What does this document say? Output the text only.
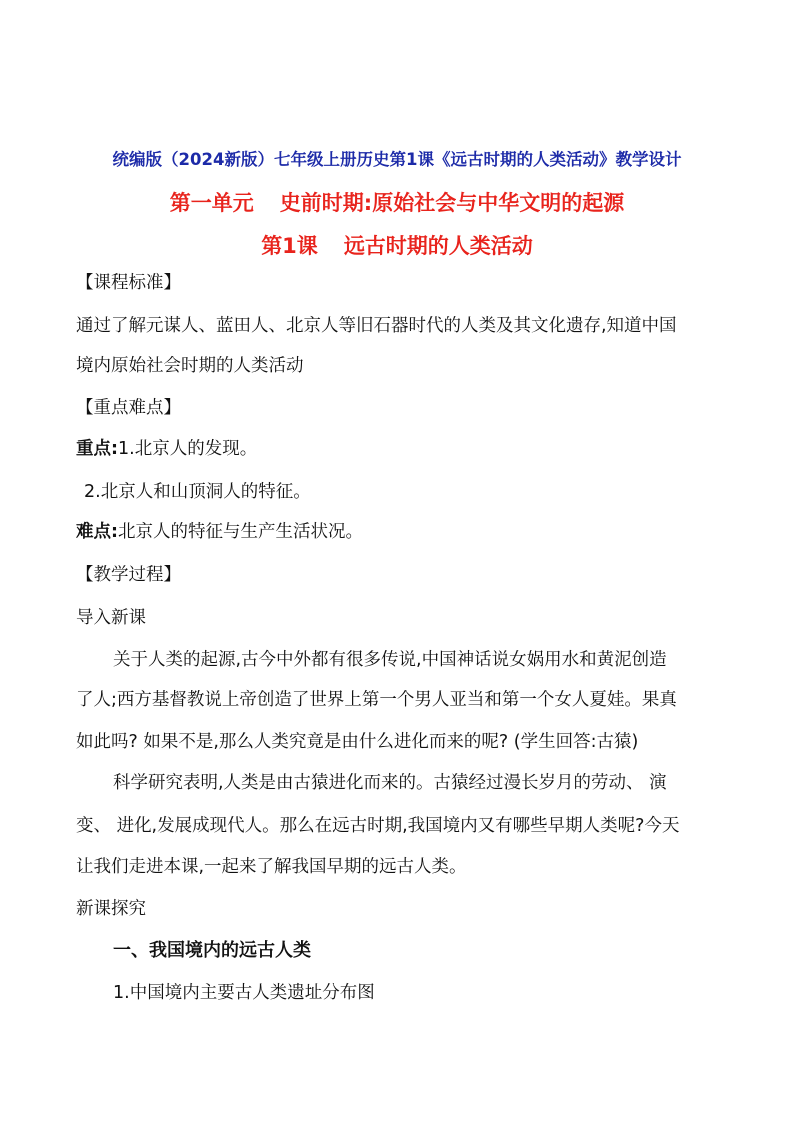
统编版（2024新版）七年级上册历史第1课《远古时期的人类活动》教学设计
第一单元 史前时期:原始社会与中华文明的起源
第1课 远古时期的人类活动
【课程标准】
通过了解元谋人、蓝田人、北京人等旧石器时代的人类及其文化遗存,知道中国
境内原始社会时期的人类活动
【重点难点】
重点:1.北京人的发现。
2.北京人和山顶洞人的特征。
难点:北京人的特征与生产生活状况。
【教学过程】
导入新课
关于人类的起源,古今中外都有很多传说,中国神话说女娲用水和黄泥创造
了人;西方基督教说上帝创造了世界上第一个男人亚当和第一个女人夏娃。果真
如此吗? 如果不是,那么人类究竟是由什么进化而来的呢? (学生回答:古猿)
科学研究表明,人类是由古猿进化而来的。古猿经过漫长岁月的劳动、 演
变、 进化,发展成现代人。那么在远古时期,我国境内又有哪些早期人类呢?今天
让我们走进本课,一起来了解我国早期的远古人类。
新课探究
一、我国境内的远古人类
1.中国境内主要古人类遗址分布图
